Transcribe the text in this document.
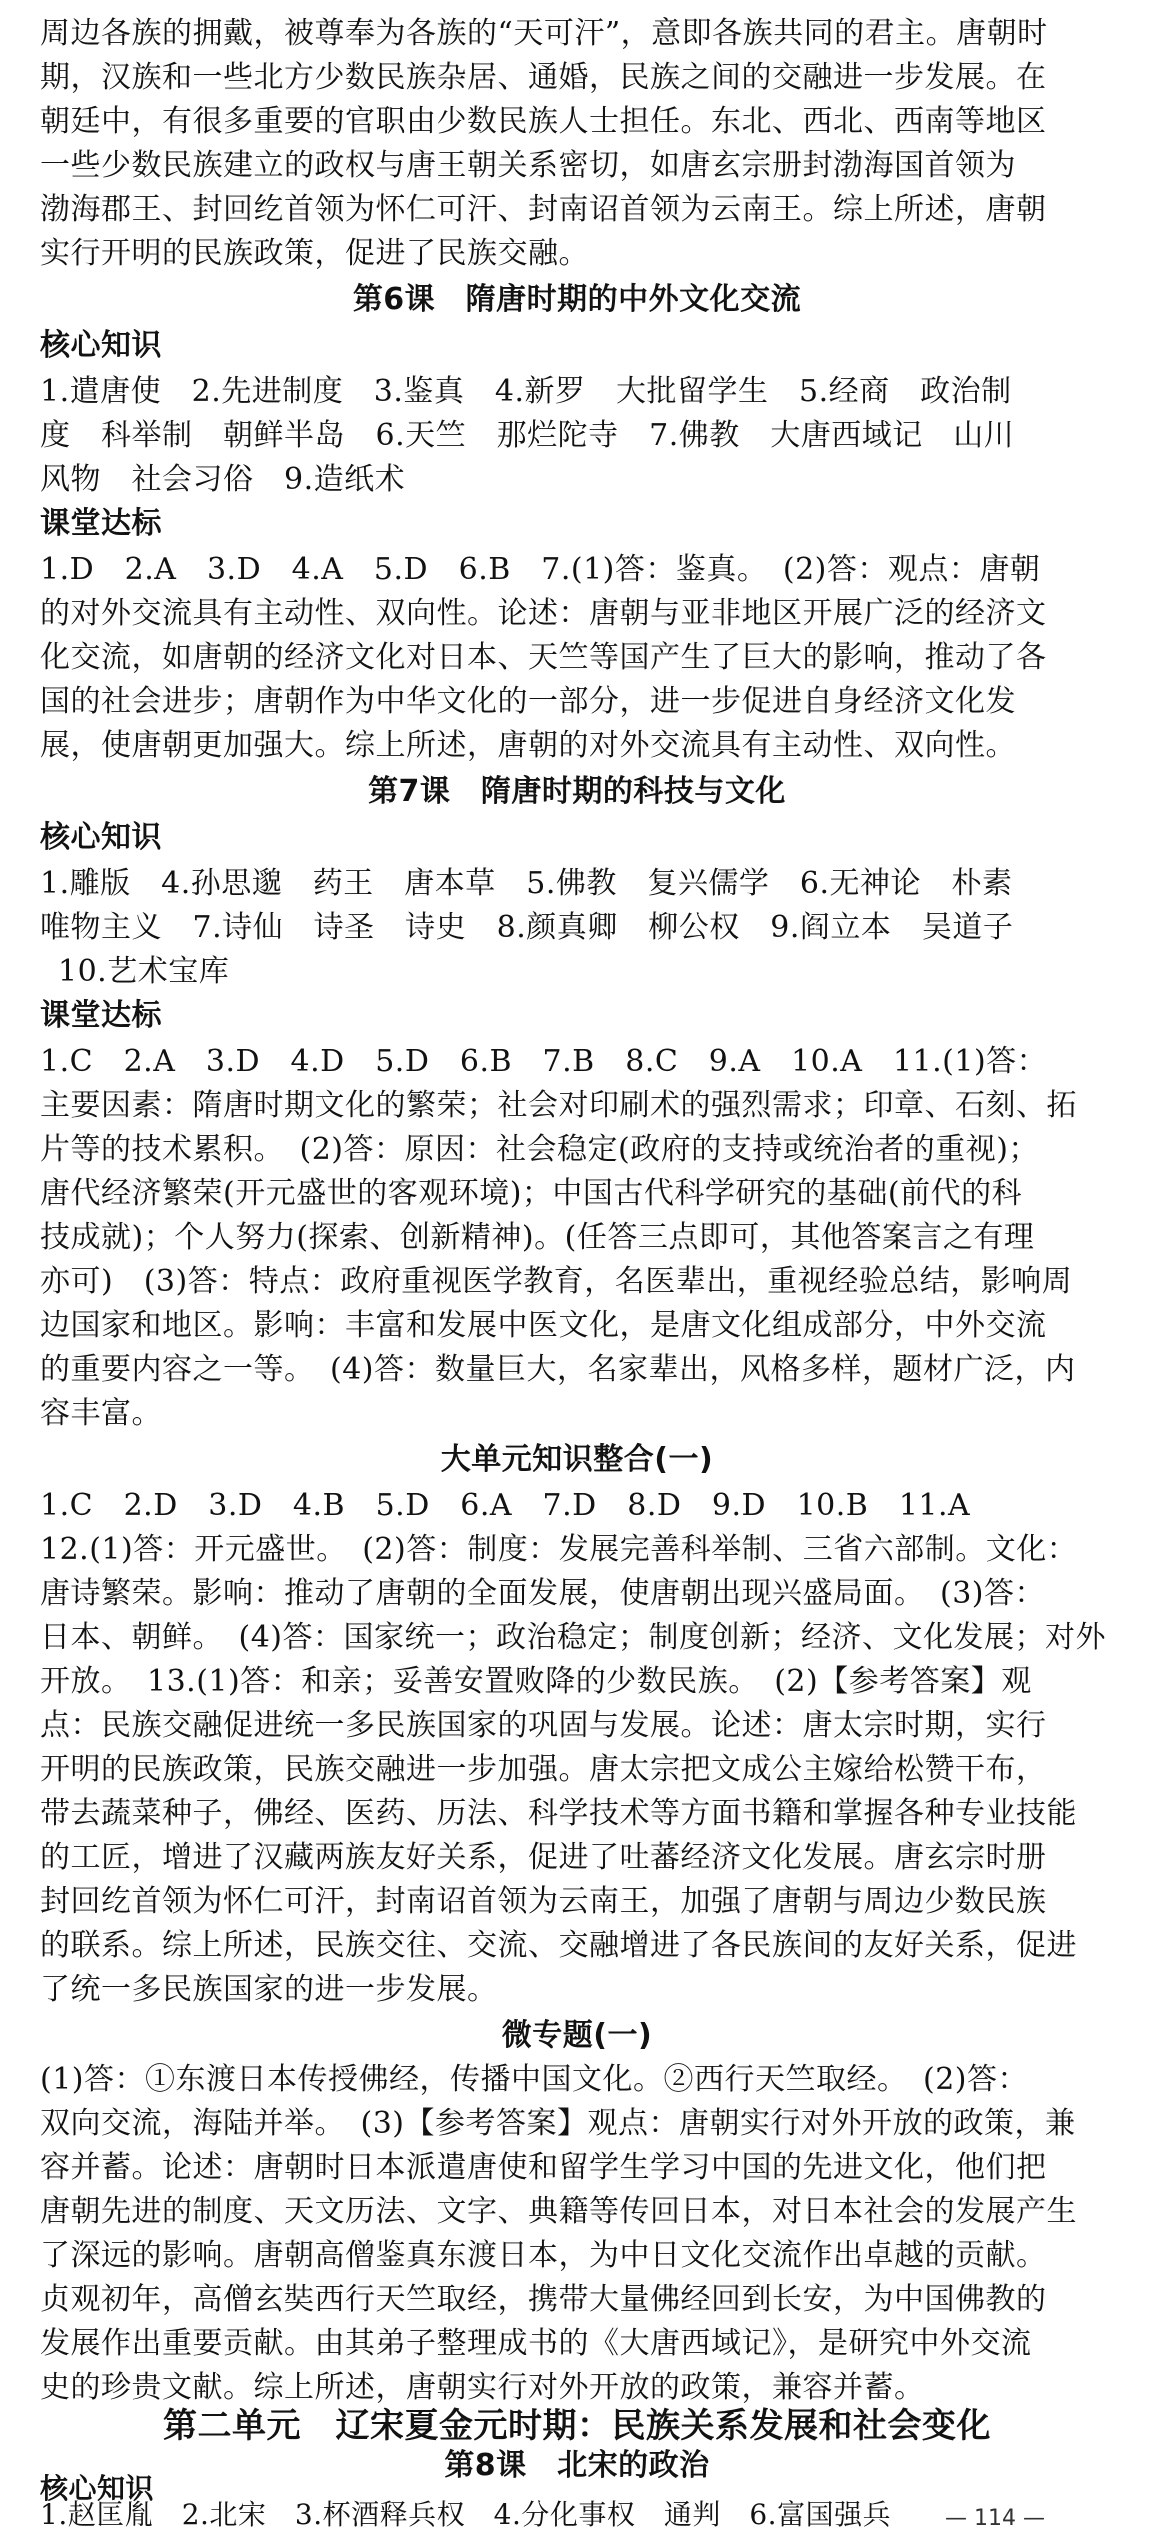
周边各族的拥戴，被尊奉为各族的“天可汗”，意即各族共同的君主。唐朝时
期，汉族和一些北方少数民族杂居、通婚，民族之间的交融进一步发展。在
朝廷中，有很多重要的官职由少数民族人士担任。东北、西北、西南等地区
一些少数民族建立的政权与唐王朝关系密切，如唐玄宗册封渤海国首领为
渤海郡王、封回纥首领为怀仁可汗、封南诏首领为云南王。综上所述，唐朝
实行开明的民族政策，促进了民族交融。
第6课　隋唐时期的中外文化交流
核心知识
1.遣唐使　2.先进制度　3.鉴真　4.新罗　大批留学生　5.经商　政治制
度　科举制　朝鲜半岛　6.天竺　那烂陀寺　7.佛教　大唐西域记　山川
风物　社会习俗　9.造纸术
课堂达标
1.D　2.A　3.D　4.A　5.D　6.B　7.(1)答：鉴真。　(2)答：观点：唐朝
的对外交流具有主动性、双向性。论述：唐朝与亚非地区开展广泛的经济文
化交流，如唐朝的经济文化对日本、天竺等国产生了巨大的影响，推动了各
国的社会进步；唐朝作为中华文化的一部分，进一步促进自身经济文化发
展，使唐朝更加强大。综上所述，唐朝的对外交流具有主动性、双向性。
第7课　隋唐时期的科技与文化
核心知识
1.雕版　4.孙思邈　药王　唐本草　5.佛教　复兴儒学　6.无神论　朴素
唯物主义　7.诗仙　诗圣　诗史　8.颜真卿　柳公权　9.阎立本　吴道子
10.艺术宝库
课堂达标
1.C　2.A　3.D　4.D　5.D　6.B　7.B　8.C　9.A　10.A　11.(1)答：
主要因素：隋唐时期文化的繁荣；社会对印刷术的强烈需求；印章、石刻、拓
片等的技术累积。　(2)答：原因：社会稳定(政府的支持或统治者的重视)；
唐代经济繁荣(开元盛世的客观环境)；中国古代科学研究的基础(前代的科
技成就)；个人努力(探索、创新精神)。(任答三点即可，其他答案言之有理
亦可)　(3)答：特点：政府重视医学教育，名医辈出，重视经验总结，影响周
边国家和地区。影响：丰富和发展中医文化，是唐文化组成部分，中外交流
的重要内容之一等。　(4)答：数量巨大，名家辈出，风格多样，题材广泛，内
容丰富。
大单元知识整合(一)
1.C　2.D　3.D　4.B　5.D　6.A　7.D　8.D　9.D　10.B　11.A
12.(1)答：开元盛世。　(2)答：制度：发展完善科举制、三省六部制。文化：
唐诗繁荣。影响：推动了唐朝的全面发展，使唐朝出现兴盛局面。　(3)答：
日本、朝鲜。　(4)答：国家统一；政治稳定；制度创新；经济、文化发展；对外
开放。　13.(1)答：和亲；妥善安置败降的少数民族。　(2)【参考答案】观
点：民族交融促进统一多民族国家的巩固与发展。论述：唐太宗时期，实行
开明的民族政策，民族交融进一步加强。唐太宗把文成公主嫁给松赞干布，
带去蔬菜种子，佛经、医药、历法、科学技术等方面书籍和掌握各种专业技能
的工匠，增进了汉藏两族友好关系，促进了吐蕃经济文化发展。唐玄宗时册
封回纥首领为怀仁可汗，封南诏首领为云南王，加强了唐朝与周边少数民族
的联系。综上所述，民族交往、交流、交融增进了各民族间的友好关系，促进
了统一多民族国家的进一步发展。
微专题(一)
(1)答：①东渡日本传授佛经，传播中国文化。②西行天竺取经。　(2)答：
双向交流，海陆并举。　(3)【参考答案】观点：唐朝实行对外开放的政策，兼
容并蓄。论述：唐朝时日本派遣唐使和留学生学习中国的先进文化，他们把
唐朝先进的制度、天文历法、文字、典籍等传回日本，对日本社会的发展产生
了深远的影响。唐朝高僧鉴真东渡日本，为中日文化交流作出卓越的贡献。
贞观初年，高僧玄奘西行天竺取经，携带大量佛经回到长安，为中国佛教的
发展作出重要贡献。由其弟子整理成书的《大唐西域记》，是研究中外交流
史的珍贵文献。综上所述，唐朝实行对外开放的政策，兼容并蓄。
第二单元　辽宋夏金元时期：民族关系发展和社会变化
第8课　北宋的政治
核心知识
1.赵匡胤　2.北宋　3.杯酒释兵权　4.分化事权　通判　6.富国强兵	— 114 —
